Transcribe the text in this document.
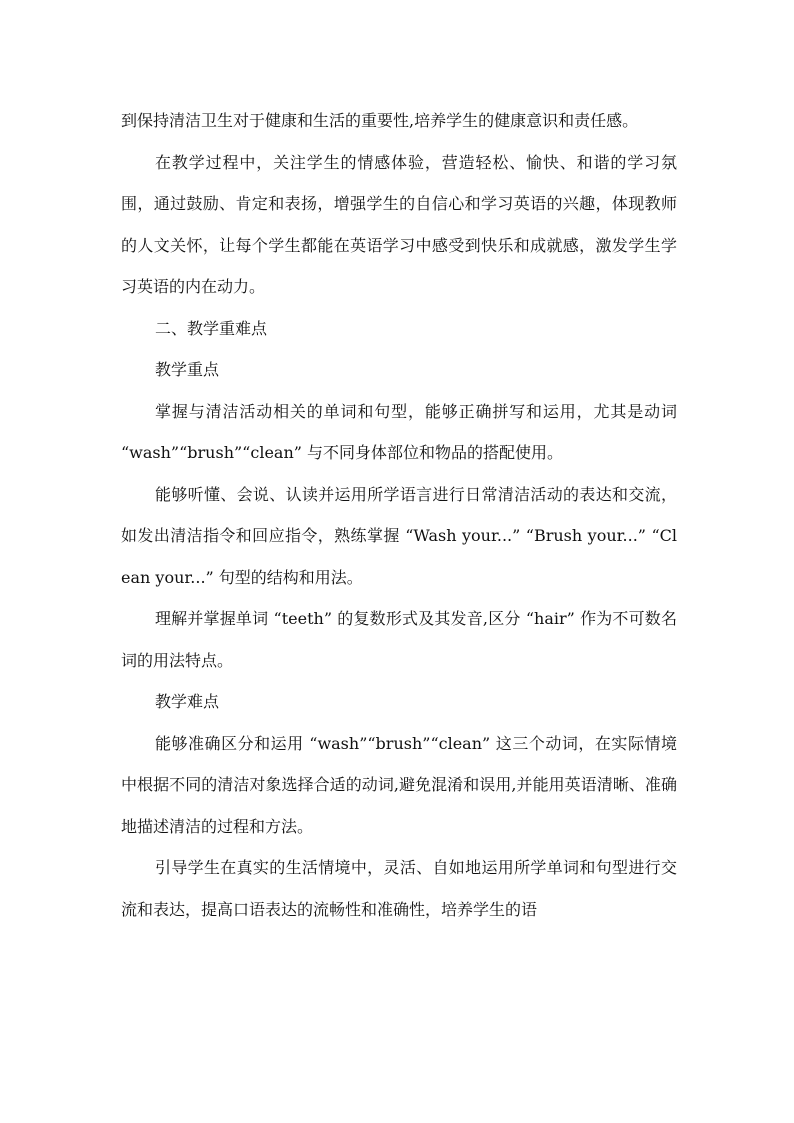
到保持清洁卫生对于健康和生活的重要性,培养学生的健康意识和责任感。

在教学过程中，关注学生的情感体验，营造轻松、愉快、和谐的学习氛围，通过鼓励、肯定和表扬，增强学生的自信心和学习英语的兴趣，体现教师的人文关怀，让每个学生都能在英语学习中感受到快乐和成就感，激发学生学习英语的内在动力。

二、教学重难点

教学重点

掌握与清洁活动相关的单词和句型，能够正确拼写和运用，尤其是动词 “wash”“brush”“clean” 与不同身体部位和物品的搭配使用。

能够听懂、会说、认读并运用所学语言进行日常清洁活动的表达和交流，如发出清洁指令和回应指令，熟练掌握 “Wash your...” “Brush your...” “Clean your...” 句型的结构和用法。

理解并掌握单词 “teeth” 的复数形式及其发音,区分 “hair” 作为不可数名词的用法特点。

教学难点

能够准确区分和运用 “wash”“brush”“clean” 这三个动词，在实际情境中根据不同的清洁对象选择合适的动词,避免混淆和误用,并能用英语清晰、准确地描述清洁的过程和方法。

引导学生在真实的生活情境中，灵活、自如地运用所学单词和句型进行交流和表达，提高口语表达的流畅性和准确性，培养学生的语
